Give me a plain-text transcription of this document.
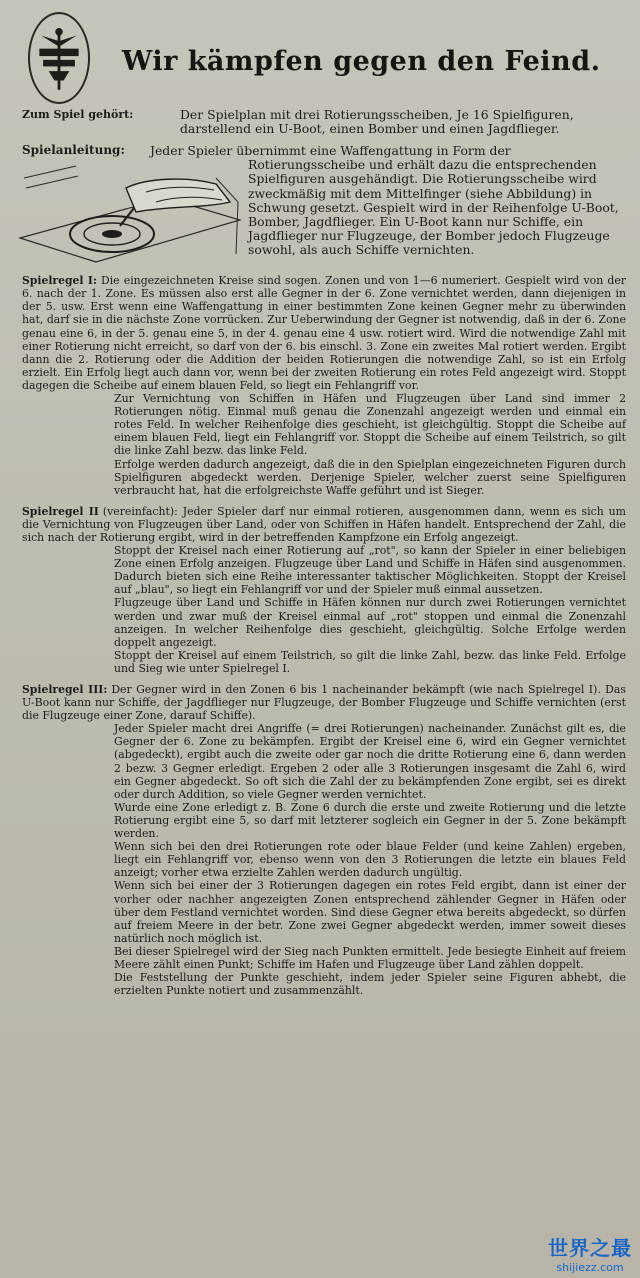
Wir kämpfen gegen den Feind.
Zum Spiel gehört:	Der Spielplan mit drei Rotierungsscheiben, Je 16 Spielfiguren, darstellend ein U-Boot, einen Bomber und einen Jagdflieger.
Spielanleitung:	Jeder Spieler übernimmt eine Waffengattung in Form der
Rotierungsscheibe und erhält dazu die entsprechenden Spielfiguren ausgehändigt. Die Rotierungsscheibe wird zweckmäßig mit dem Mittelfinger (siehe Abbildung) in Schwung gesetzt. Gespielt wird in der Reihenfolge U-Boot, Bomber, Jagdflieger. Ein U-Boot kann nur Schiffe, ein Jagdflieger nur Flugzeuge, der Bomber jedoch Flugzeuge sowohl, als auch Schiffe vernichten.

Spielregel I: Die eingezeichneten Kreise sind sogen. Zonen und von 1—6 numeriert. Gespielt wird von der 6. nach der 1. Zone. Es müssen also erst alle Gegner in der 6. Zone vernichtet werden, dann diejenigen in der 5. usw. Erst wenn eine Waffengattung in einer bestimmten Zone keinen Gegner mehr zu überwinden hat, darf sie in die nächste Zone vorrücken. Zur Ueberwindung der Gegner ist notwendig, daß in der 6. Zone genau eine 6, in der 5. genau eine 5, in der 4. genau eine 4 usw. rotiert wird. Wird die notwendige Zahl mit einer Rotierung nicht erreicht, so darf von der 6. bis einschl. 3. Zone ein zweites Mal rotiert werden. Ergibt dann die 2. Rotierung oder die Addition der beiden Rotierungen die notwendige Zahl, so ist ein Erfolg erzielt. Ein Erfolg liegt auch dann vor, wenn bei der zweiten Rotierung ein rotes Feld angezeigt wird. Stoppt dagegen die Scheibe auf einem blauen Feld, so liegt ein Fehlangriff vor.

Zur Vernichtung von Schiffen in Häfen und Flugzeugen über Land sind immer 2 Rotierungen nötig. Einmal muß genau die Zonenzahl angezeigt werden und einmal ein rotes Feld. In welcher Reihenfolge dies geschieht, ist gleichgültig. Stoppt die Scheibe auf einem blauen Feld, liegt ein Fehlangriff vor. Stoppt die Scheibe auf einem Teilstrich, so gilt die linke Zahl bezw. das linke Feld.

Erfolge werden dadurch angezeigt, daß die in den Spielplan eingezeichneten Figuren durch Spielfiguren abgedeckt werden. Derjenige Spieler, welcher zuerst seine Spielfiguren verbraucht hat, hat die erfolgreichste Waffe geführt und ist Sieger.

Spielregel II (vereinfacht): Jeder Spieler darf nur einmal rotieren, ausgenommen dann, wenn es sich um die Vernichtung von Flugzeugen über Land, oder von Schiffen in Häfen handelt. Entsprechend der Zahl, die sich nach der Rotierung ergibt, wird in der betreffenden Kampfzone ein Erfolg angezeigt.

Stoppt der Kreisel nach einer Rotierung auf „rot", so kann der Spieler in einer beliebigen Zone einen Erfolg anzeigen. Flugzeuge über Land und Schiffe in Häfen sind ausgenommen. Dadurch bieten sich eine Reihe interessanter taktischer Möglichkeiten. Stoppt der Kreisel auf „blau", so liegt ein Fehlangriff vor und der Spieler muß einmal aussetzen.

Flugzeuge über Land und Schiffe in Häfen können nur durch zwei Rotierungen vernichtet werden und zwar muß der Kreisel einmal auf „rot" stoppen und einmal die Zonenzahl anzeigen. In welcher Reihenfolge dies geschieht, gleichgültig. Solche Erfolge werden doppelt angezeigt.

Stoppt der Kreisel auf einem Teilstrich, so gilt die linke Zahl, bezw. das linke Feld. Erfolge und Sieg wie unter Spielregel I.

Spielregel III: Der Gegner wird in den Zonen 6 bis 1 nacheinander bekämpft (wie nach Spielregel I). Das U-Boot kann nur Schiffe, der Jagdflieger nur Flugzeuge, der Bomber Flugzeuge und Schiffe vernichten (erst die Flugzeuge einer Zone, darauf Schiffe).

Jeder Spieler macht drei Angriffe (= drei Rotierungen) nacheinander. Zunächst gilt es, die Gegner der 6. Zone zu bekämpfen. Ergibt der Kreisel eine 6, wird ein Gegner vernichtet (abgedeckt), ergibt auch die zweite oder gar noch die dritte Rotierung eine 6, dann werden 2 bezw. 3 Gegner erledigt. Ergeben 2 oder alle 3 Rotierungen insgesamt die Zahl 6, wird ein Gegner abgedeckt. So oft sich die Zahl der zu bekämpfenden Zone ergibt, sei es direkt oder durch Addition, so viele Gegner werden vernichtet.

Wurde eine Zone erledigt z. B. Zone 6 durch die erste und zweite Rotierung und die letzte Rotierung ergibt eine 5, so darf mit letzterer sogleich ein Gegner in der 5. Zone bekämpft werden.

Wenn sich bei den drei Rotierungen rote oder blaue Felder (und keine Zahlen) ergeben, liegt ein Fehlangriff vor, ebenso wenn von den 3 Rotierungen die letzte ein blaues Feld anzeigt; vorher etwa erzielte Zahlen werden dadurch ungültig.

Wenn sich bei einer der 3 Rotierungen dagegen ein rotes Feld ergibt, dann ist einer der vorher oder nachher angezeigten Zonen entsprechend zählender Gegner in Häfen oder über dem Festland vernichtet worden. Sind diese Gegner etwa bereits abgedeckt, so dürfen auf freiem Meere in der betr. Zone zwei Gegner abgedeckt werden, immer soweit dieses natürlich noch möglich ist.

Bei dieser Spielregel wird der Sieg nach Punkten ermittelt. Jede besiegte Einheit auf freiem Meere zählt einen Punkt; Schiffe im Hafen und Flugzeuge über Land zählen doppelt.

Die Feststellung der Punkte geschieht, indem jeder Spieler seine Figuren abhebt, die erzielten Punkte notiert und zusammenzählt.

世界之最
shijiezz.com
